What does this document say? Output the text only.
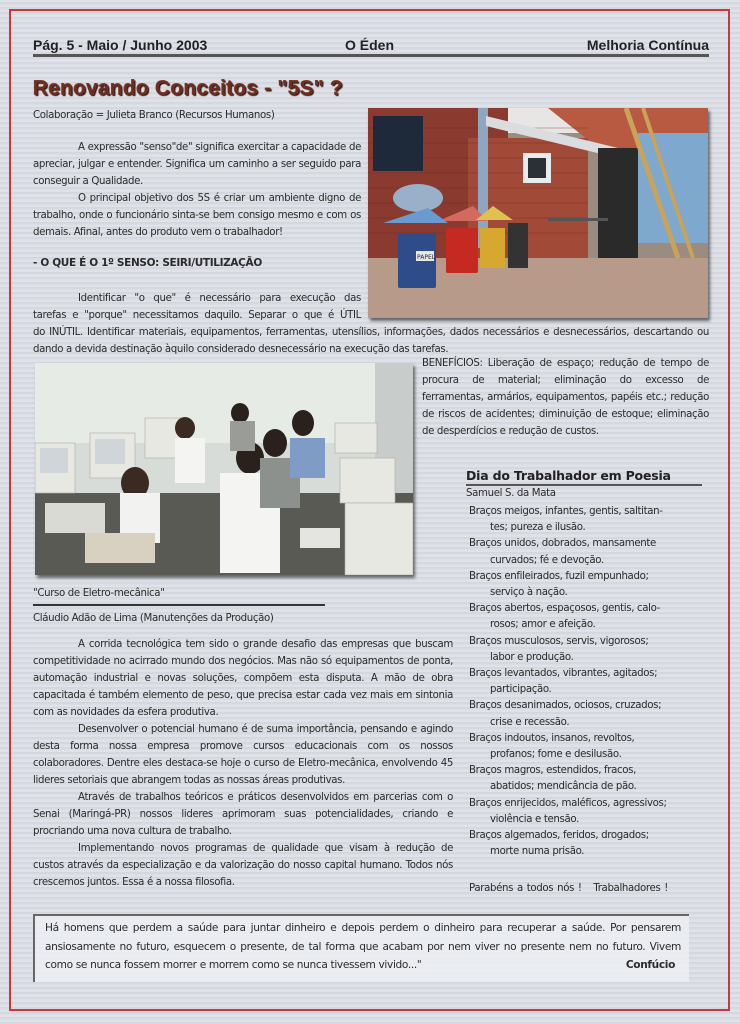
Pág. 5 - Maio / Junho 2003	O Éden	Melhoria Contínua
Renovando Conceitos - "5S" ?
Colaboração = Julieta Branco (Recursos Humanos)

A expressão "senso"de" significa exercitar a capacidade de apreciar, julgar e entender. Significa um caminho a ser seguido para conseguir a Qualidade.

O principal objetivo dos 5S é criar um ambiente digno de trabalho, onde o funcionário sinta-se bem consigo mesmo e com os demais. Afinal, antes do produto vem o trabalhador!

- O QUE É O 1º SENSO: SEIRI/UTILIZAÇÃO

Identificar "o que" é necessário para execução das

tarefas e "porque" necessitamos daquilo. Separar o que é ÚTIL

do INÚTIL. Identificar materiais, equipamentos, ferramentas, utensílios, informações, dados necessários e desnecessários, descartando ou dando a devida destinação àquilo considerado desnecessário na execução das tarefas.

PAPEL

BENEFÍCIOS: Liberação de espaço; redução de tempo de procura de material; eliminação do excesso de ferramentas, armários, equipamentos, papéis etc.; redução de riscos de acidentes; diminuição de estoque; eliminação de desperdícios e redução de custos.

"Curso de Eletro-mecânica"
Cláudio Adão de Lima (Manutenções da Produção)

A corrida tecnológica tem sido o grande desafio das empresas que buscam competitividade no acirrado mundo dos negócios. Mas não só equipamentos de ponta, automação industrial e novas soluções, compõem esta disputa. A mão de obra capacitada é também elemento de peso, que precisa estar cada vez mais em sintonia com as novidades da esfera produtiva.

Desenvolver o potencial humano é de suma importância, pensando e agindo desta forma nossa empresa promove cursos educacionais com os nossos colaboradores. Dentre eles destaca-se hoje o curso de Eletro-mecânica, envolvendo 45 lideres setoriais que abrangem todas as nossas áreas produtivas.

Através de trabalhos teóricos e práticos desenvolvidos em parcerias com o Senai (Maringá-PR) nossos lideres aprimoram suas potencialidades, criando e procriando uma nova cultura de trabalho.

Implementando novos programas de qualidade que visam à redução de custos através da especialização e da valorização do nosso capital humano. Todos nós crescemos juntos. Essa é a nossa filosofia.

Dia do Trabalhador em Poesia
Samuel S. da Mata

Braços meigos, infantes, gentis, saltitan-
tes; pureza e ilusão.

Braços unidos, dobrados, mansamente
curvados; fé e devoção.

Braços enfileirados, fuzil empunhado;
serviço à nação.

Braços abertos, espaçosos, gentis, calo-
rosos; amor e afeição.

Braços musculosos, servis, vigorosos;
labor e produção.

Braços levantados, vibrantes, agitados;
participação.

Braços desanimados, ociosos, cruzados;
crise e recessão.

Braços indoutos, insanos, revoltos,
profanos; fome e desilusão.

Braços magros, estendidos, fracos,
abatidos; mendicância de pão.

Braços enrijecidos, maléficos, agressivos;
violência e tensão.

Braços algemados, feridos, drogados;
morte numa prisão.

Parabéns a todos nós !   Trabalhadores !

Há homens que perdem a saúde para juntar dinheiro e depois perdem o dinheiro para recuperar a saúde. Por pensarem ansiosamente no futuro, esquecem o presente, de tal forma que acabam por nem viver no presente nem no futuro. Vivem como se nunca fossem morrer e morrem como se nunca tivessem vivido..."	Confúcio
